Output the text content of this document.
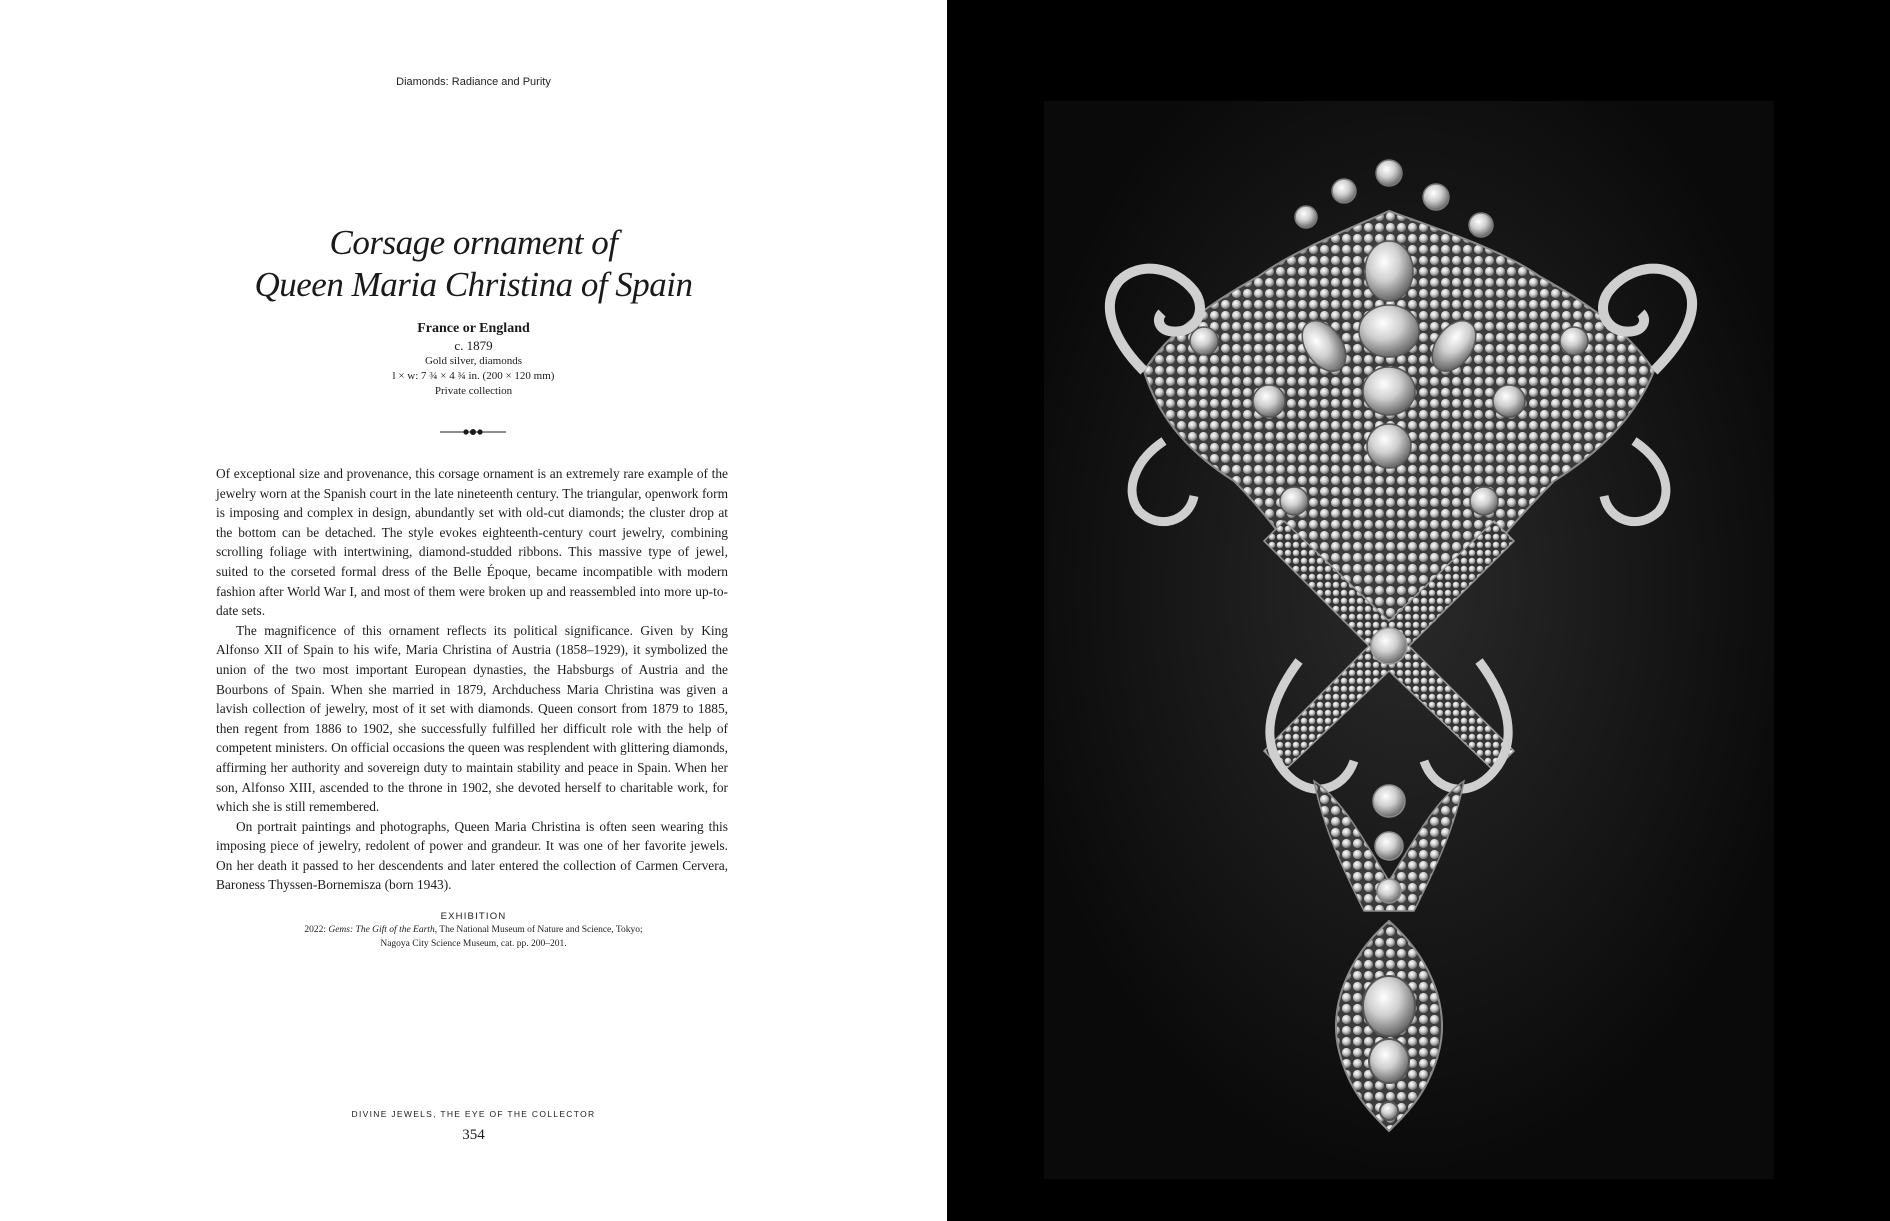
Diamonds: Radiance and Purity
Corsage ornament of
Queen Maria Christina of Spain
France or England
c. 1879
Gold silver, diamonds
l × w: 7 ¾ × 4 ¾ in. (200 × 120 mm)
Private collection

Of exceptional size and provenance, this corsage ornament is an extremely rare example of the jewelry worn at the Spanish court in the late nineteenth century. The triangular, openwork form is imposing and complex in design, abundantly set with old-cut diamonds; the cluster drop at the bottom can be detached. The style evokes eighteenth-century court jewelry, combining scrolling foliage with intertwining, diamond-studded ribbons. This massive type of jewel, suited to the corseted formal dress of the Belle Époque, became incompatible with modern fashion after World War I, and most of them were broken up and reassembled into more up-to-date sets.

The magnificence of this ornament reflects its political significance. Given by King Alfonso XII of Spain to his wife, Maria Christina of Austria (1858–1929), it symbolized the union of the two most important European dynasties, the Habsburgs of Austria and the Bourbons of Spain. When she married in 1879, Archduchess Maria Christina was given a lavish collection of jewelry, most of it set with diamonds. Queen consort from 1879 to 1885, then regent from 1886 to 1902, she successfully fulfilled her difficult role with the help of competent ministers. On official occasions the queen was resplendent with glittering diamonds, affirming her authority and sovereign duty to maintain stability and peace in Spain. When her son, Alfonso XIII, ascended to the throne in 1902, she devoted herself to charitable work, for which she is still remembered.

On portrait paintings and photographs, Queen Maria Christina is often seen wearing this imposing piece of jewelry, redolent of power and grandeur. It was one of her favorite jewels. On her death it passed to her descendents and later entered the collection of Carmen Cervera, Baroness Thyssen-Bornemisza (born 1943).

EXHIBITION
2022: Gems: The Gift of the Earth, The National Museum of Nature and Science, Tokyo;
Nagoya City Science Museum, cat. pp. 200–201.
DIVINE JEWELS, THE EYE OF THE COLLECTOR
354
